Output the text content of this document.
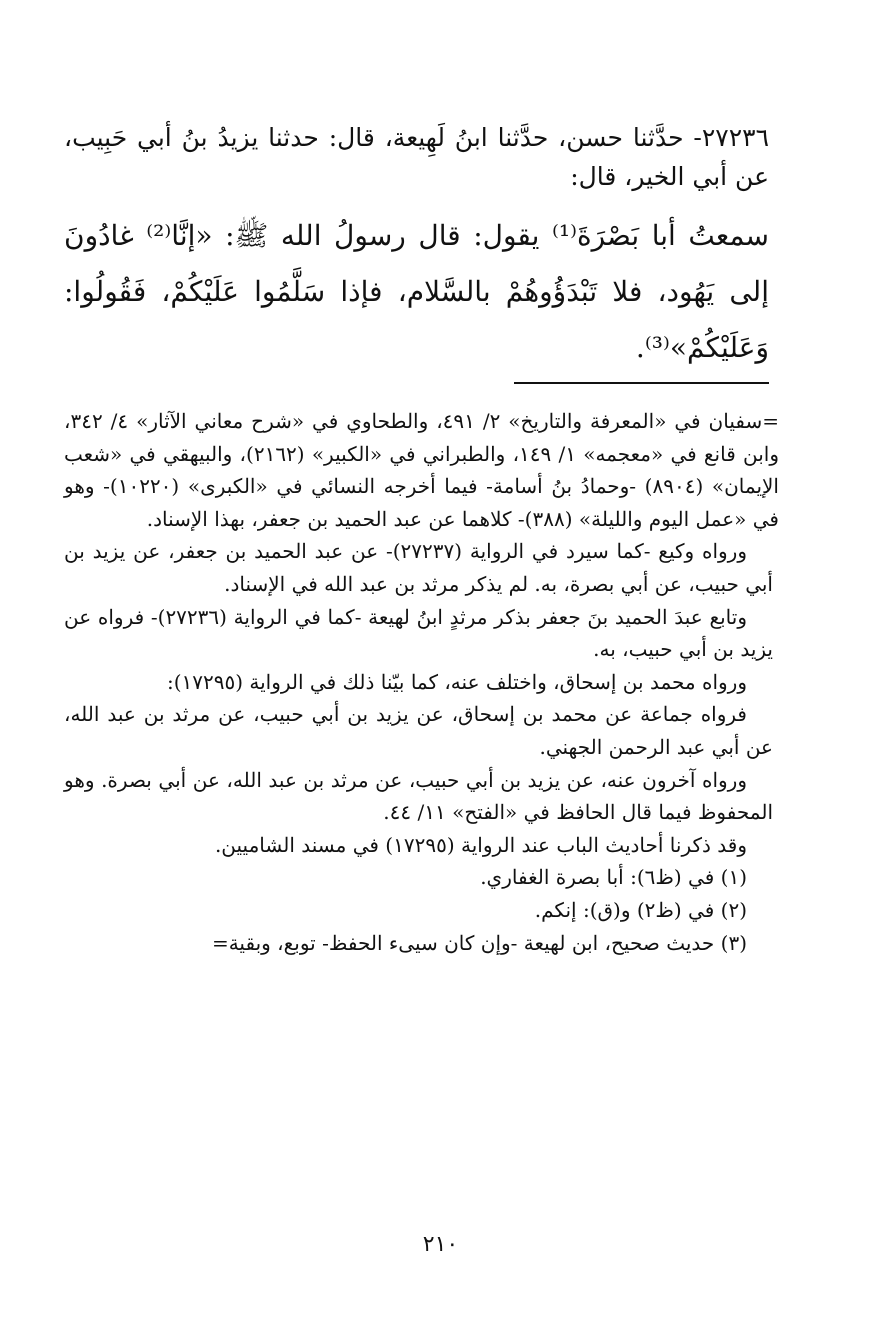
٢٧٢٣٦- حدَّثنا حسن، حدَّثنا ابنُ لَهِيعة، قال: حدثنا يزيدُ بنُ أبي حَبِيب، عن أبي الخير، قال:

سمعتُ أبا بَصْرَةَ⁽¹⁾ يقول: قال رسولُ الله ﷺ: «إنَّا⁽²⁾ غادُونَ إلى يَهُود، فلا تَبْدَؤُوهُمْ بالسَّلام، فإذا سَلَّمُوا عَلَيْكُمْ، فَقُولُوا: وَعَلَيْكُمْ»⁽³⁾.

=سفيان في «المعرفة والتاريخ» ٢/ ٤٩١، والطحاوي في «شرح معاني الآثار» ٤/ ٣٤٢، وابن قانع في «معجمه» ١/ ١٤٩، والطبراني في «الكبير» (٢١٦٢)، والبيهقي في «شعب الإيمان» (٨٩٠٤) -وحمادُ بنُ أسامة- فيما أخرجه النسائي في «الكبرى» (١٠٢٢٠)- وهو في «عمل اليوم والليلة» (٣٨٨)- كلاهما عن عبد الحميد بن جعفر، بهذا الإسناد.

ورواه وكيع -كما سيرد في الرواية (٢٧٢٣٧)- عن عبد الحميد بن جعفر، عن يزيد بن أبي حبيب، عن أبي بصرة، به. لم يذكر مرثد بن عبد الله في الإسناد.

وتابع عبدَ الحميد بنَ جعفر بذكر مرثدٍ ابنُ لهيعة -كما في الرواية (٢٧٢٣٦)- فرواه عن يزيد بن أبي حبيب، به.

ورواه محمد بن إسحاق، واختلف عنه، كما بيّنا ذلك في الرواية (١٧٢٩٥):

فرواه جماعة عن محمد بن إسحاق، عن يزيد بن أبي حبيب، عن مرثد بن عبد الله، عن أبي عبد الرحمن الجهني.

ورواه آخرون عنه، عن يزيد بن أبي حبيب، عن مرثد بن عبد الله، عن أبي بصرة. وهو المحفوظ فيما قال الحافظ في «الفتح» ١١/ ٤٤.

وقد ذكرنا أحاديث الباب عند الرواية (١٧٢٩٥) في مسند الشاميين.

(١) في (ظ٦): أبا بصرة الغفاري.

(٢) في (ظ٢) و(ق): إنكم.

(٣) حديث صحيح، ابن لهيعة -وإن كان سيىء الحفظ- توبع، وبقية=

٢١٠
